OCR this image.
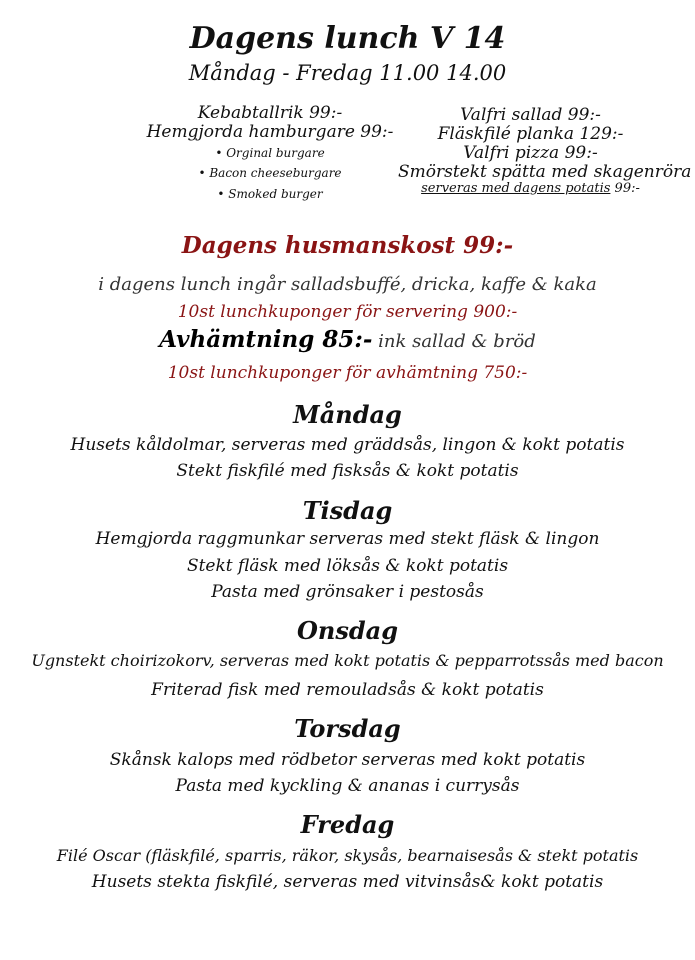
Dagens lunch V 14
Måndag - Fredag 11.00 14.00
Kebabtallrik 99:-
Hemgjorda hamburgare 99:-
• Orginal burgare
• Bacon cheeseburgare
• Smoked burger
Valfri sallad 99:-
Fläskfilé planka 129:-
Valfri pizza 99:-
Smörstekt spätta med skagenröra
serveras med dagens potatis 99:-
Dagens husmanskost 99:-
i dagens lunch ingår salladsbuffé, dricka, kaffe & kaka
10st lunchkuponger för servering 900:-
Avhämtning 85:- ink sallad & bröd
10st lunchkuponger för avhämtning 750:-
Måndag
Husets kåldolmar, serveras med gräddsås, lingon & kokt potatis
Stekt fiskfilé med fisksås & kokt potatis
Tisdag
Hemgjorda raggmunkar serveras med stekt fläsk & lingon
Stekt fläsk med löksås & kokt potatis
Pasta med grönsaker i pestosås
Onsdag
Ugnstekt choirizokorv, serveras med kokt potatis & pepparrotssås med bacon
Friterad fisk med remouladsås & kokt potatis
Torsdag
Skånsk kalops med rödbetor serveras med kokt potatis
Pasta med kyckling & ananas i currysås
Fredag
Filé Oscar (fläskfilé, sparris, räkor, skysås, bearnaisesås & stekt potatis
Husets stekta fiskfilé, serveras med vitvinsås& kokt potatis
